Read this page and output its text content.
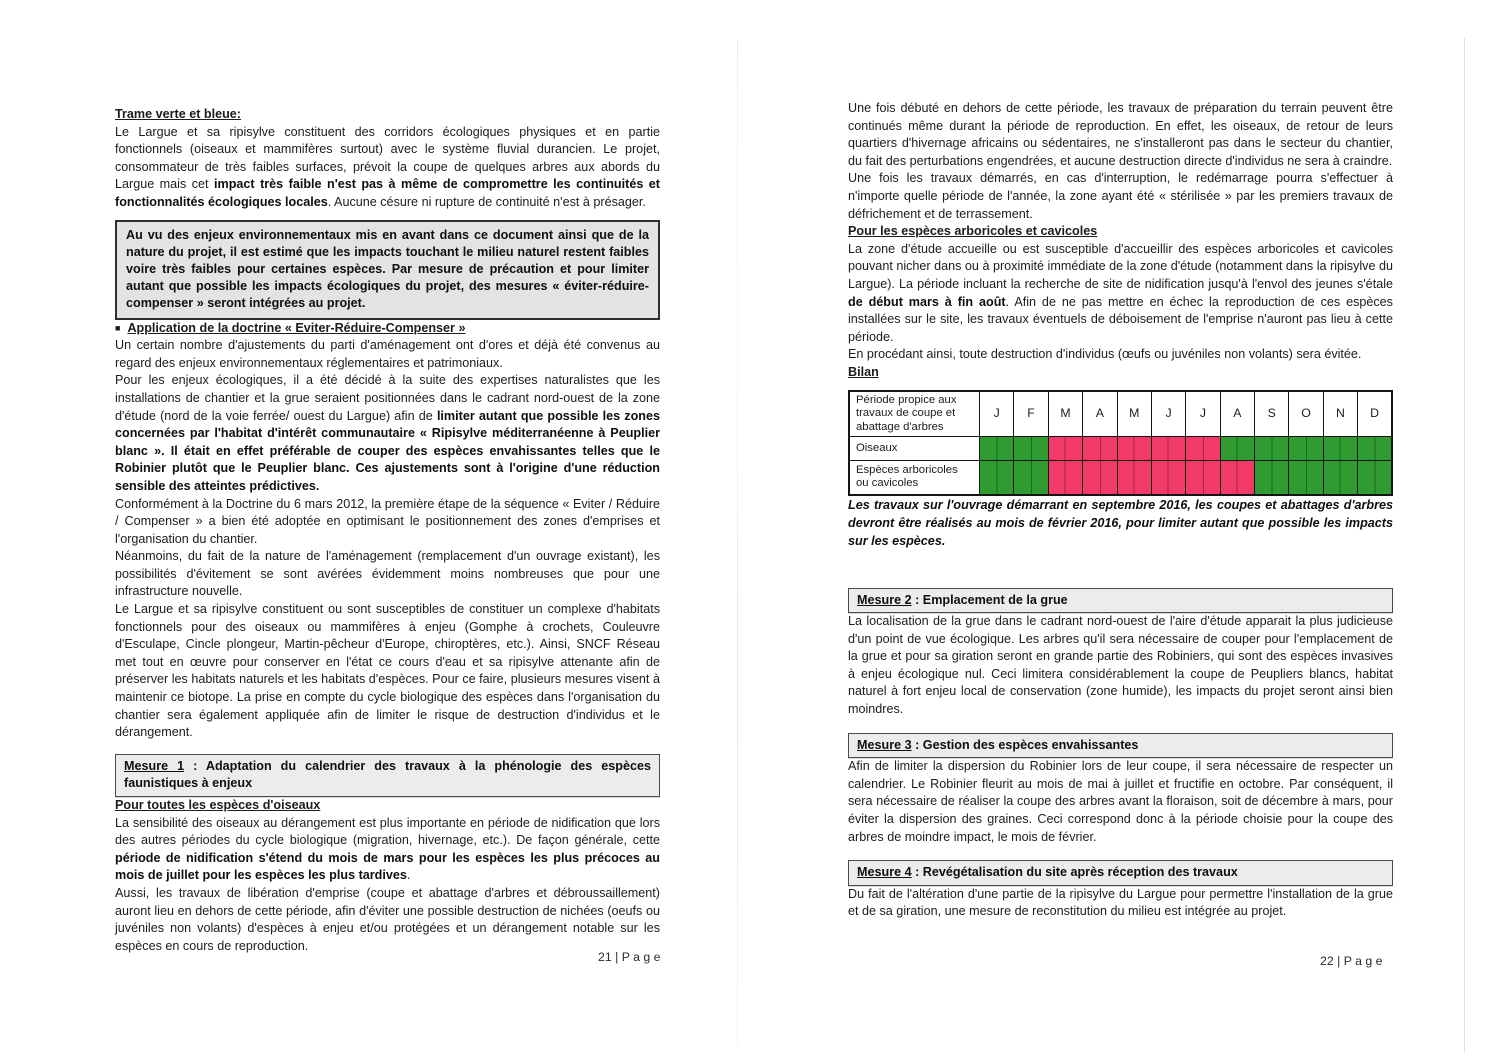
Trame verte et bleue:

Le Largue et sa ripisylve constituent des corridors écologiques physiques et en partie fonctionnels (oiseaux et mammifères surtout) avec le système fluvial durancien. Le projet, consommateur de très faibles surfaces, prévoit la coupe de quelques arbres aux abords du Largue mais cet impact très faible n'est pas à même de compromettre les continuités et fonctionnalités écologiques locales. Aucune césure ni rupture de continuité n'est à présager.

Au vu des enjeux environnementaux mis en avant dans ce document ainsi que de la nature du projet, il est estimé que les impacts touchant le milieu naturel restent faibles voire très faibles pour certaines espèces. Par mesure de précaution et pour limiter autant que possible les impacts écologiques du projet, des mesures « éviter-réduire-compenser » seront intégrées au projet.
■ Application de la doctrine « Eviter-Réduire-Compenser »

Un certain nombre d'ajustements du parti d'aménagement ont d'ores et déjà été convenus au regard des enjeux environnementaux réglementaires et patrimoniaux.

Pour les enjeux écologiques, il a été décidé à la suite des expertises naturalistes que les installations de chantier et la grue seraient positionnées dans le cadrant nord-ouest de la zone d'étude (nord de la voie ferrée/ ouest du Largue) afin de limiter autant que possible les zones concernées par l'habitat d'intérêt communautaire « Ripisylve méditerranéenne à Peuplier blanc ». Il était en effet préférable de couper des espèces envahissantes telles que le Robinier plutôt que le Peuplier blanc. Ces ajustements sont à l'origine d'une réduction sensible des atteintes prédictives.

Conformément à la Doctrine du 6 mars 2012, la première étape de la séquence « Eviter / Réduire / Compenser » a bien été adoptée en optimisant le positionnement des zones d'emprises et l'organisation du chantier.

Néanmoins, du fait de la nature de l'aménagement (remplacement d'un ouvrage existant), les possibilités d'évitement se sont avérées évidemment moins nombreuses que pour une infrastructure nouvelle.

Le Largue et sa ripisylve constituent ou sont susceptibles de constituer un complexe d'habitats fonctionnels pour des oiseaux ou mammifères à enjeu (Gomphe à crochets, Couleuvre d'Esculape, Cincle plongeur, Martin-pêcheur d'Europe, chiroptères, etc.). Ainsi, SNCF Réseau met tout en œuvre pour conserver en l'état ce cours d'eau et sa ripisylve attenante afin de préserver les habitats naturels et les habitats d'espèces. Pour ce faire, plusieurs mesures visent à maintenir ce biotope. La prise en compte du cycle biologique des espèces dans l'organisation du chantier sera également appliquée afin de limiter le risque de destruction d'individus et le dérangement.

Mesure 1 : Adaptation du calendrier des travaux à la phénologie des espèces faunistiques à enjeux
Pour toutes les espèces d'oiseaux

La sensibilité des oiseaux au dérangement est plus importante en période de nidification que lors des autres périodes du cycle biologique (migration, hivernage, etc.). De façon générale, cette période de nidification s'étend du mois de mars pour les espèces les plus précoces au mois de juillet pour les espèces les plus tardives.

Aussi, les travaux de libération d'emprise (coupe et abattage d'arbres et débroussaillement) auront lieu en dehors de cette période, afin d'éviter une possible destruction de nichées (oeufs ou juvéniles non volants) d'espèces à enjeu et/ou protégées et un dérangement notable sur les espèces en cours de reproduction.

Une fois débuté en dehors de cette période, les travaux de préparation du terrain peuvent être continués même durant la période de reproduction. En effet, les oiseaux, de retour de leurs quartiers d'hivernage africains ou sédentaires, ne s'installeront pas dans le secteur du chantier, du fait des perturbations engendrées, et aucune destruction directe d'individus ne sera à craindre.

Une fois les travaux démarrés, en cas d'interruption, le redémarrage pourra s'effectuer à n'importe quelle période de l'année, la zone ayant été « stérilisée » par les premiers travaux de défrichement et de terrassement.

Pour les espèces arboricoles et cavicoles

La zone d'étude accueille ou est susceptible d'accueillir des espèces arboricoles et cavicoles pouvant nicher dans ou à proximité immédiate de la zone d'étude (notamment dans la ripisylve du Largue). La période incluant la recherche de site de nidification jusqu'à l'envol des jeunes s'étale de début mars à fin août. Afin de ne pas mettre en échec la reproduction de ces espèces installées sur le site, les travaux éventuels de déboisement de l'emprise n'auront pas lieu à cette période.

En procédant ainsi, toute destruction d'individus (œufs ou juvéniles non volants) sera évitée.

Bilan
Période propice aux travaux de coupe et abattage d'arbres	J	F	M	A	M	J	J	A	S	O	N	D
Oiseaux												
Espèces arboricoles ou cavicoles												

Les travaux sur l'ouvrage démarrant en septembre 2016, les coupes et abattages d'arbres devront être réalisés au mois de février 2016, pour limiter autant que possible les impacts sur les espèces.

Mesure 2 : Emplacement de la grue

La localisation de la grue dans le cadrant nord-ouest de l'aire d'étude apparait la plus judicieuse d'un point de vue écologique. Les arbres qu'il sera nécessaire de couper pour l'emplacement de la grue et pour sa giration seront en grande partie des Robiniers, qui sont des espèces invasives à enjeu écologique nul. Ceci limitera considérablement la coupe de Peupliers blancs, habitat naturel à fort enjeu local de conservation (zone humide), les impacts du projet seront ainsi bien moindres.

Mesure 3 : Gestion des espèces envahissantes

Afin de limiter la dispersion du Robinier lors de leur coupe, il sera nécessaire de respecter un calendrier. Le Robinier fleurit au mois de mai à juillet et fructifie en octobre. Par conséquent, il sera nécessaire de réaliser la coupe des arbres avant la floraison, soit de décembre à mars, pour éviter la dispersion des graines. Ceci correspond donc à la période choisie pour la coupe des arbres de moindre impact, le mois de février.

Mesure 4 : Revégétalisation du site après réception des travaux

Du fait de l'altération d'une partie de la ripisylve du Largue pour permettre l'installation de la grue et de sa giration, une mesure de reconstitution du milieu est intégrée au projet.

21 | P a g e	22 | P a g e
